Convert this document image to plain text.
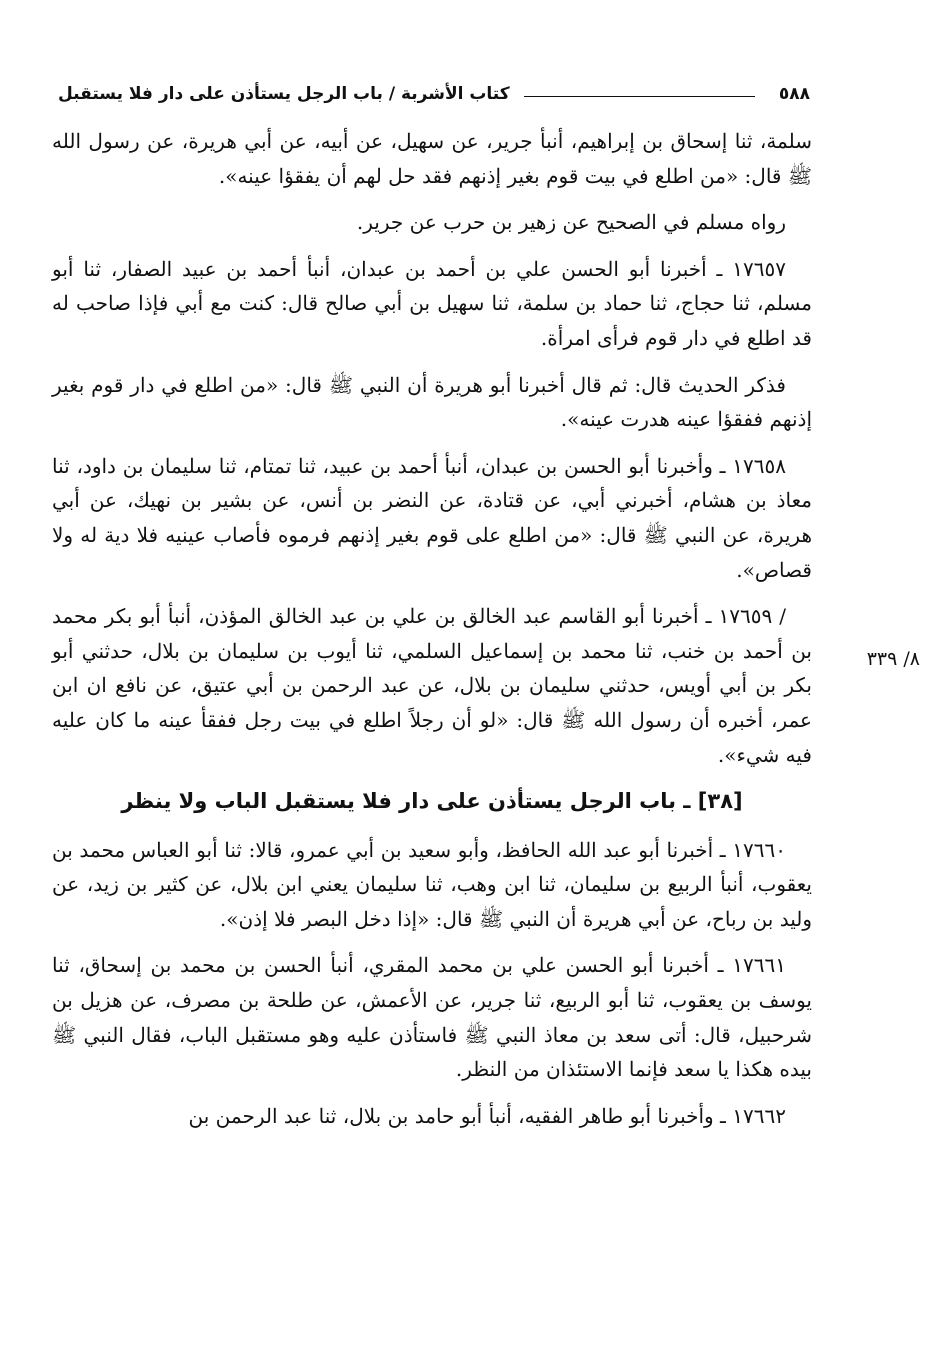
٥٨٨
كتاب الأشربة / باب الرجل يستأذن على دار فلا يستقبل
٨/ ٣٣٩

سلمة، ثنا إسحاق بن إبراهيم، أنبأ جرير، عن سهيل، عن أبيه، عن أبي هريرة، عن رسول الله ﷺ قال: «من اطلع في بيت قوم بغير إذنهم فقد حل لهم أن يفقؤا عينه».

رواه مسلم في الصحيح عن زهير بن حرب عن جرير.

١٧٦٥٧ ـ أخبرنا أبو الحسن علي بن أحمد بن عبدان، أنبأ أحمد بن عبيد الصفار، ثنا أبو مسلم، ثنا حجاج، ثنا حماد بن سلمة، ثنا سهيل بن أبي صالح قال: كنت مع أبي فإذا صاحب له قد اطلع في دار قوم فرأى امرأة.

فذكر الحديث قال: ثم قال أخبرنا أبو هريرة أن النبي ﷺ قال: «من اطلع في دار قوم بغير إذنهم ففقؤا عينه هدرت عينه».

١٧٦٥٨ ـ وأخبرنا أبو الحسن بن عبدان، أنبأ أحمد بن عبيد، ثنا تمتام، ثنا سليمان بن داود، ثنا معاذ بن هشام، أخبرني أبي، عن قتادة، عن النضر بن أنس، عن بشير بن نهيك، عن أبي هريرة، عن النبي ﷺ قال: «من اطلع على قوم بغير إذنهم فرموه فأصاب عينيه فلا دية له ولا قصاص».

/ ١٧٦٥٩ ـ أخبرنا أبو القاسم عبد الخالق بن علي بن عبد الخالق المؤذن، أنبأ أبو بكر محمد بن أحمد بن خنب، ثنا محمد بن إسماعيل السلمي، ثنا أيوب بن سليمان بن بلال، حدثني أبو بكر بن أبي أويس، حدثني سليمان بن بلال، عن عبد الرحمن بن أبي عتيق، عن نافع ان ابن عمر، أخبره أن رسول الله ﷺ قال: «لو أن رجلاً اطلع في بيت رجل ففقأ عينه ما كان عليه فيه شيء».

[٣٨] ـ باب الرجل يستأذن على دار فلا يستقبل الباب ولا ينظر

١٧٦٦٠ ـ أخبرنا أبو عبد الله الحافظ، وأبو سعيد بن أبي عمرو، قالا: ثنا أبو العباس محمد بن يعقوب، أنبأ الربيع بن سليمان، ثنا ابن وهب، ثنا سليمان يعني ابن بلال، عن كثير بن زيد، عن وليد بن رباح، عن أبي هريرة أن النبي ﷺ قال: «إذا دخل البصر فلا إذن».

١٧٦٦١ ـ أخبرنا أبو الحسن علي بن محمد المقري، أنبأ الحسن بن محمد بن إسحاق، ثنا يوسف بن يعقوب، ثنا أبو الربيع، ثنا جرير، عن الأعمش، عن طلحة بن مصرف، عن هزيل بن شرحبيل، قال: أتى سعد بن معاذ النبي ﷺ فاستأذن عليه وهو مستقبل الباب، فقال النبي ﷺ بيده هكذا يا سعد فإنما الاستئذان من النظر.

١٧٦٦٢ ـ وأخبرنا أبو طاهر الفقيه، أنبأ أبو حامد بن بلال، ثنا عبد الرحمن بن
